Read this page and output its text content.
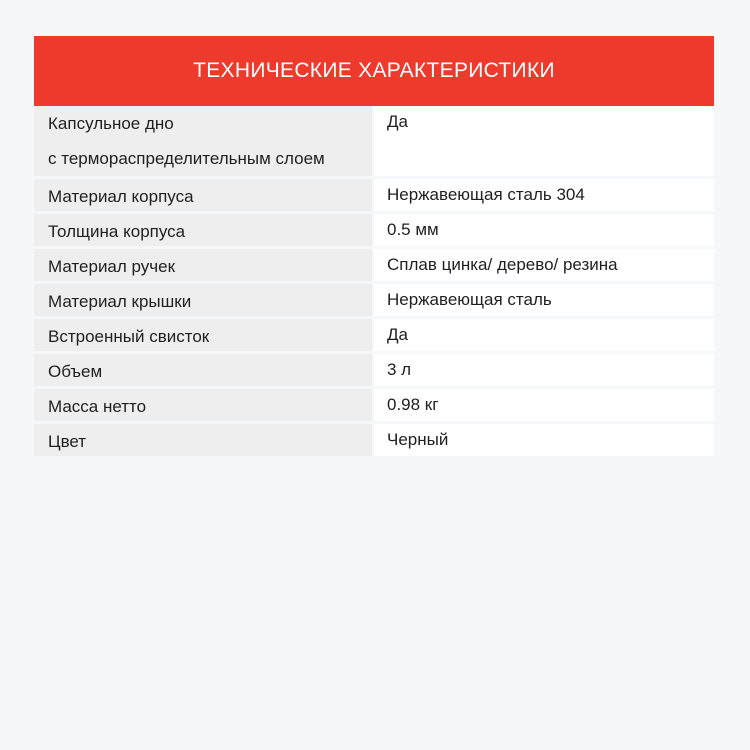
ТЕХНИЧЕСКИЕ ХАРАКТЕРИСТИКИ
Капсульное дно
с термораспределительным слоем	Да

Материал корпуса	Нержавеющая сталь 304

Толщина корпуса	0.5 мм

Материал ручек	Сплав цинка/ дерево/ резина

Материал крышки	Нержавеющая сталь

Встроенный свисток	Да

Объем	3 л

Масса нетто	0.98 кг

Цвет	Черный
